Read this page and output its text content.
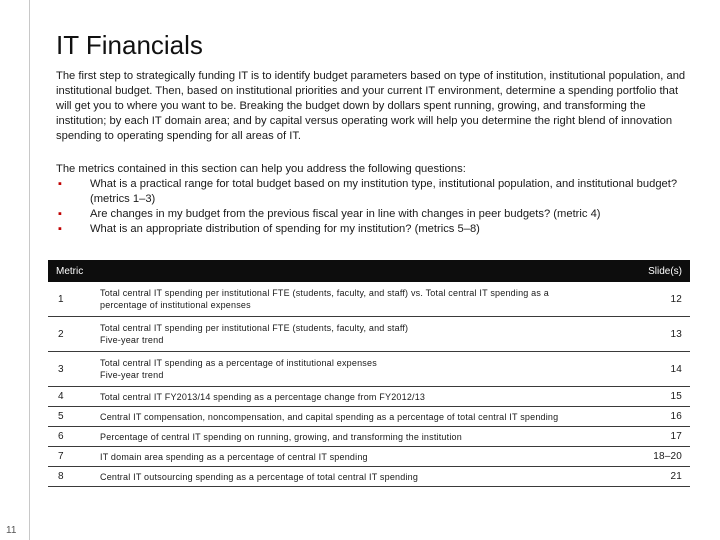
IT Financials

The first step to strategically funding IT is to identify budget parameters based on type of institution, institutional population, and institutional budget. Then, based on institutional priorities and your current IT environment, determine a spending portfolio that will get you to where you want to be. Breaking the budget down by dollars spent running, growing, and transforming the institution; by each IT domain area; and by capital versus operating work will help you determine the right blend of innovation spending to operating spending for all areas of IT.

The metrics contained in this section can help you address the following questions:

▪	What is a practical range for total budget based on my institution type, institutional population, and institutional budget? (metrics 1–3)
▪	Are changes in my budget from the previous fiscal year in line with changes in peer budgets? (metric 4)
▪	What is an appropriate distribution of spending for my institution? (metrics 5–8)
Metric		Slide(s)
1	Total central IT spending per institutional FTE (students, faculty, and staff) vs. Total central IT spending as a
percentage of institutional expenses	12
2	Total central IT spending per institutional FTE (students, faculty, and staff)
Five-year trend	13
3	Total central IT spending as a percentage of institutional expenses
Five-year trend	14
4	Total central IT FY2013/14 spending as a percentage change from FY2012/13	15
5	Central IT compensation, noncompensation, and capital spending as a percentage of total central IT spending	16
6	Percentage of central IT spending on running, growing, and transforming the institution	17
7	IT domain area spending as a percentage of central IT spending	18–20
8	Central IT outsourcing spending as a percentage of total central IT spending	21
11
